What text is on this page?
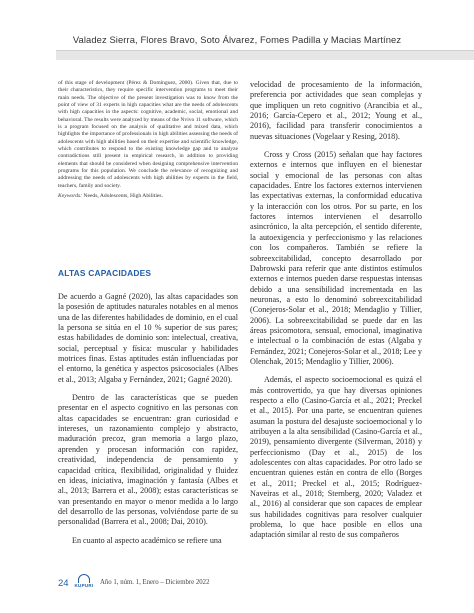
Valadez Sierra, Flores Bravo, Soto Álvarez, Fomes Padilla y Macias Martínez

of this stage of development (Pérez & Domínguez, 2000). Given that, due to their characteristics, they require specific intervention programs to meet their main needs. The objective of the present investigation was to know from the point of view of 31 experts in high capacities what are the needs of adolescents with high capacities in the aspects: cognitive, academic, social, emotional and behavioral. The results were analyzed by means of the Nvivo 11 software, which is a program focused on the analysis of qualitative and mixed data, which highlights the importance of professionals in high abilities assessing the needs of adolescents with high abilities based on their expertise and scientific knowledge, which contributes to respond to the existing knowledge gap and to analyze contradictions still present in empirical research, in addition to providing elements that should be considered when designing comprehensive intervention programs for this population. We conclude the relevance of recognizing and addressing the needs of adolescents with high abilities by experts in the field, teachers, family and society.

Keywords: Needs, Adolescents, High Abilities.
ALTAS CAPACIDADES

De acuerdo a Gagné (2020), las altas capacidades son la posesión de aptitudes naturales notables en al menos una de las diferentes habilidades de dominio, en el cual la persona se sitúa en el 10 % superior de sus pares; estas habilidades de dominio son: intelectual, creativa, social, perceptual y física: muscular y habilidades motrices finas. Estas aptitudes están influenciadas por el entorno, la genética y aspectos psicosociales (Albes et al., 2013; Algaba y Fernández, 2021; Gagné 2020).

Dentro de las características que se pueden presentar en el aspecto cognitivo en las personas con altas capacidades se encuentran: gran curiosidad e intereses, un razonamiento complejo y abstracto, maduración precoz, gran memoria a largo plazo, aprenden y procesan información con rapidez, creatividad, independencia de pensamiento y capacidad crítica, flexibilidad, originalidad y fluidez en ideas, iniciativa, imaginación y fantasía (Albes et al., 2013; Barrera et al., 2008); estas características se van presentando en mayor o menor medida a lo largo del desarrollo de las personas, volviéndose parte de su personalidad (Barrera et al., 2008; Dai, 2010).

En cuanto al aspecto académico se refiere una

velocidad de procesamiento de la información, preferencia por actividades que sean complejas y que impliquen un reto cognitivo (Arancibia et al., 2016; García-Cepero et al., 2012; Young et al., 2016), facilidad para transferir conocimientos a nuevas situaciones (Vogelaar y Resing, 2018).

Cross y Cross (2015) señalan que hay factores externos e internos que influyen en el bienestar social y emocional de las personas con altas capacidades. Entre los factores externos intervienen las expectativas externas, la conformidad educativa y la interacción con los otros. Por su parte, en los factores internos intervienen el desarrollo asincrónico, la alta percepción, el sentido diferente, la autoexigencia y perfeccionismo y las relaciones con los compañeros. También se refiere la sobreexcitabilidad, concepto desarrollado por Dabrowski para referir que ante distintos estímulos externos e internos pueden darse respuestas intensas debido a una sensibilidad incrementada en las neuronas, a esto lo denominó sobreexcitabilidad (Conejeros-Solar et al., 2018; Mendaglio y Tillier, 2006). La sobreexcitabilidad se puede dar en las áreas psicomotora, sensual, emocional, imaginativa e intelectual o la combinación de estas (Algaba y Fernández, 2021; Conejeros-Solar et al., 2018; Lee y Olenchak, 2015; Mendaglio y Tillier, 2006).

Además, el aspecto socioemocional es quizá el más controvertido, ya que hay diversas opiniones respecto a ello (Casino-García et al., 2021; Preckel et al., 2015). Por una parte, se encuentran quienes asuman la postura del desajuste socioemocional y lo atribuyen a la alta sensibilidad (Casino-García et al., 2019), pensamiento divergente (Silverman, 2018) y perfeccionismo (Day et al., 2015) de los adolescentes con altas capacidades. Por otro lado se encuentran quienes están en contra de ello (Borges et al., 2011; Preckel et al., 2015; Rodríguez-Naveiras et al., 2018; Sternberg, 2020; Valadez et al., 2016) al considerar que son capaces de emplear sus habilidades cognitivas para resolver cualquier problema, lo que hace posible en ellos una adaptación similar al resto de sus compañeros

24	KUPURI Año 1, núm. 1, Enero – Diciembre 2022
